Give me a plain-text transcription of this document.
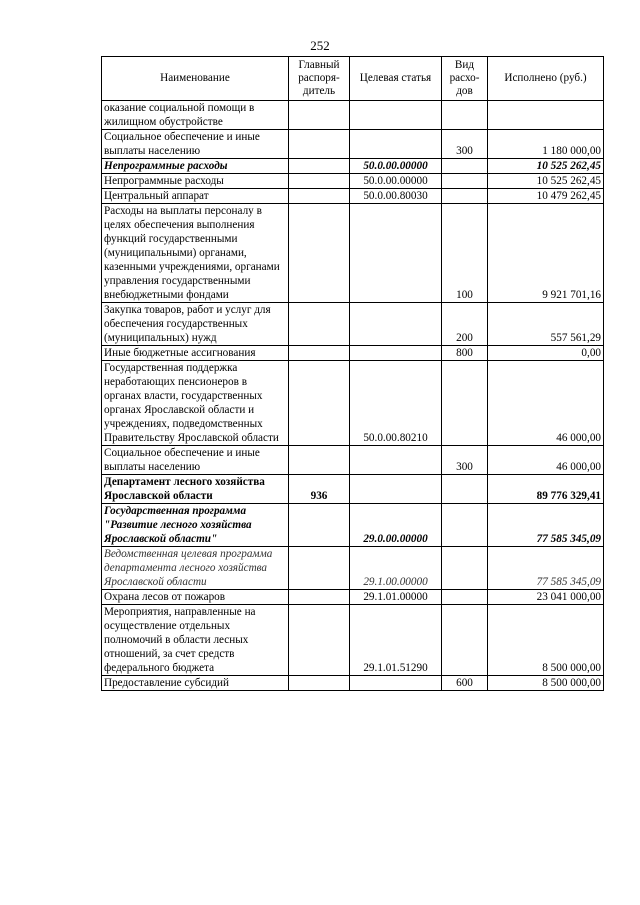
252
Наименование	Главный распоря-дитель	Целевая статья	Вид расхо-дов	Исполнено (руб.)
оказание социальной помощи в жилищном обустройстве				
Социальное обеспечение и иные выплаты населению			300	1 180 000,00
Непрограммные расходы		50.0.00.00000		10 525 262,45
Непрограммные расходы		50.0.00.00000		10 525 262,45
Центральный аппарат		50.0.00.80030		10 479 262,45
Расходы на выплаты персоналу в целях обеспечения выполнения функций государственными (муниципальными) органами, казенными учреждениями, органами управления государственными внебюджетными фондами			100	9 921 701,16
Закупка товаров, работ и услуг для обеспечения государственных (муниципальных) нужд			200	557 561,29
Иные бюджетные ассигнования			800	0,00
Государственная поддержка неработающих пенсионеров в органах власти, государственных органах Ярославской области и учреждениях, подведомственных Правительству Ярославской области		50.0.00.80210		46 000,00
Социальное обеспечение и иные выплаты населению			300	46 000,00
Департамент лесного хозяйства Ярославской области	936			89 776 329,41
Государственная программа "Развитие лесного хозяйства Ярославской области"		29.0.00.00000		77 585 345,09
Ведомственная целевая программа департамента лесного хозяйства Ярославской области		29.1.00.00000		77 585 345,09
Охрана лесов от пожаров		29.1.01.00000		23 041 000,00
Мероприятия, направленные на осуществление отдельных полномочий в области лесных отношений, за счет средств федерального бюджета		29.1.01.51290		8 500 000,00
Предоставление субсидий			600	8 500 000,00
